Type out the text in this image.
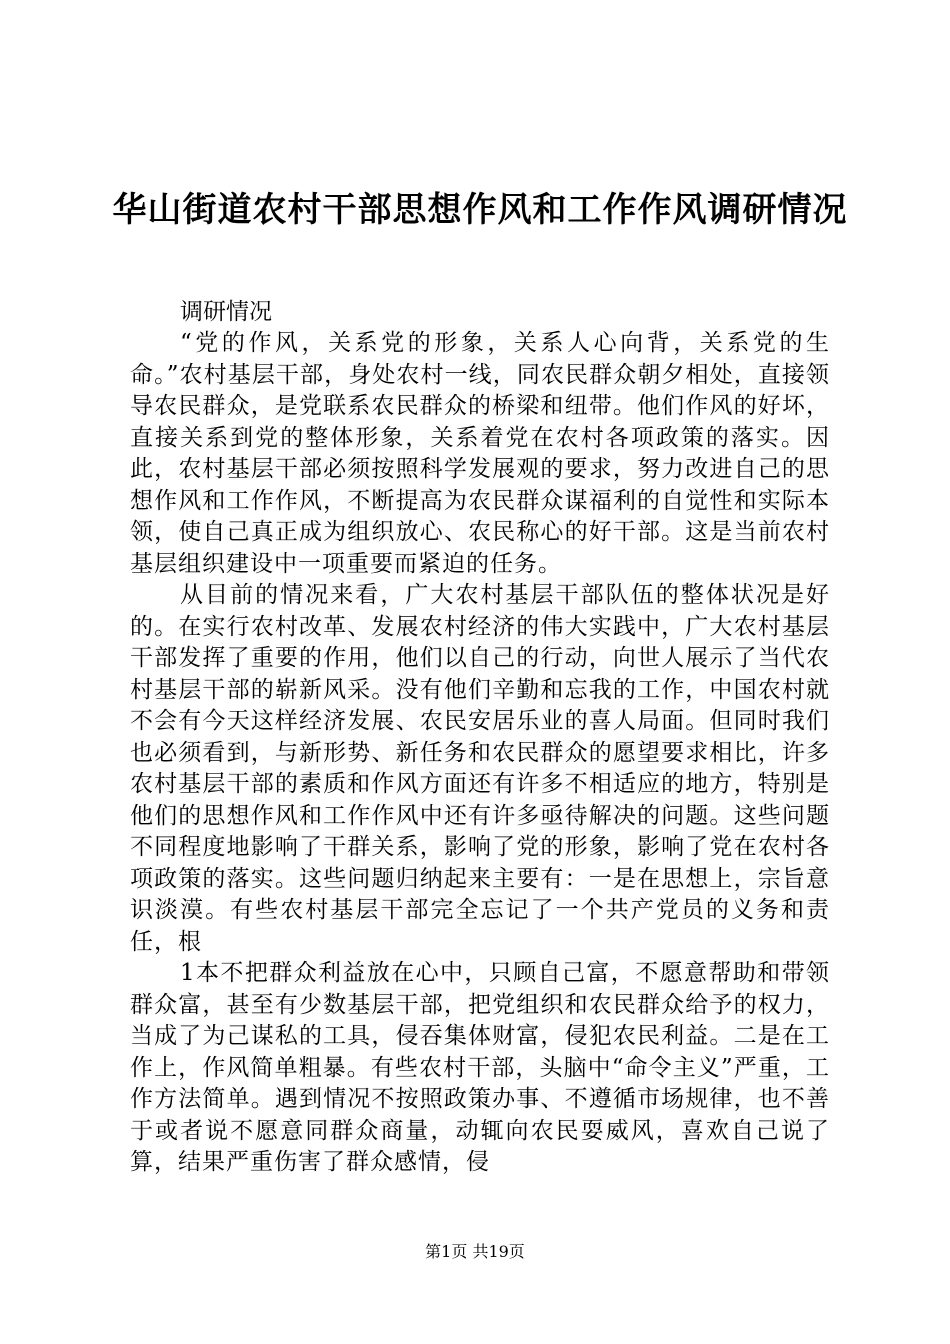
华山街道农村干部思想作风和工作作风调研情况
调研情况

“党的作风，关系党的形象，关系人心向背，关系党的生命。”农村基层干部，身处农村一线，同农民群众朝夕相处，直接领导农民群众，是党联系农民群众的桥梁和纽带。他们作风的好坏，直接关系到党的整体形象，关系着党在农村各项政策的落实。因此，农村基层干部必须按照科学发展观的要求，努力改进自己的思想作风和工作作风，不断提高为农民群众谋福利的自觉性和实际本领，使自己真正成为组织放心、农民称心的好干部。这是当前农村基层组织建设中一项重要而紧迫的任务。

从目前的情况来看，广大农村基层干部队伍的整体状况是好的。在实行农村改革、发展农村经济的伟大实践中，广大农村基层干部发挥了重要的作用，他们以自己的行动，向世人展示了当代农村基层干部的崭新风采。没有他们辛勤和忘我的工作，中国农村就不会有今天这样经济发展、农民安居乐业的喜人局面。但同时我们也必须看到，与新形势、新任务和农民群众的愿望要求相比，许多农村基层干部的素质和作风方面还有许多不相适应的地方，特别是他们的思想作风和工作作风中还有许多亟待解决的问题。这些问题不同程度地影响了干群关系，影响了党的形象，影响了党在农村各项政策的落实。这些问题归纳起来主要有：一是在思想上，宗旨意识淡漠。有些农村基层干部完全忘记了一个共产党员的义务和责任，根

1本不把群众利益放在心中，只顾自己富，不愿意帮助和带领群众富，甚至有少数基层干部，把党组织和农民群众给予的权力，当成了为己谋私的工具，侵吞集体财富，侵犯农民利益。二是在工作上，作风简单粗暴。有些农村干部，头脑中“命令主义”严重，工作方法简单。遇到情况不按照政策办事、不遵循市场规律，也不善于或者说不愿意同群众商量，动辄向农民耍威风，喜欢自己说了算，结果严重伤害了群众感情，侵

第1页 共19页
